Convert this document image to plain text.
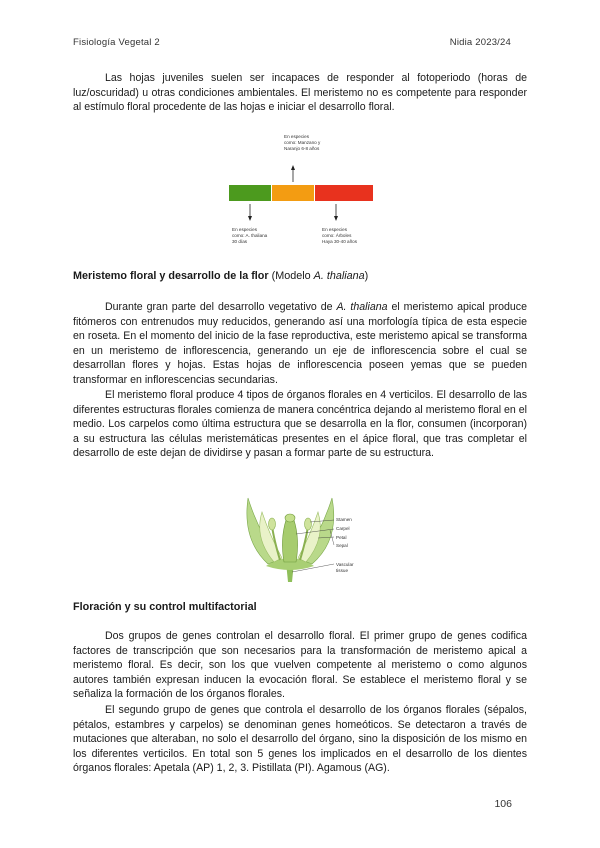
Fisiología Vegetal 2	Nidia 2023/24

Las hojas juveniles suelen ser incapaces de responder al fotoperiodo (horas de luz/oscuridad) u otras condiciones ambientales. El meristemo no es competente para responder al estímulo floral procedente de las hojas e iniciar el desarrollo floral.

En especies
como: Manzano y
Naranjo 6-8 años
En especies
como: A. thaliana
30 días
En especies
como: Árboles
Haya 30-40 años

Meristemo floral y desarrollo de la flor (Modelo A. thaliana)

Durante gran parte del desarrollo vegetativo de A. thaliana el meristemo apical produce fitómeros con entrenudos muy reducidos, generando así una morfología típica de esta especie en roseta. En el momento del inicio de la fase reproductiva, este meristemo apical se transforma en un meristemo de inflorescencia, generando un eje de inflorescencia sobre el cual se desarrollan flores y hojas. Estas hojas de inflorescencia poseen yemas que se pueden transformar en inflorescencias secundarias.

El meristemo floral produce 4 tipos de órganos florales en 4 verticilos. El desarrollo de las diferentes estructuras florales comienza de manera concéntrica dejando al meristemo floral en el medio. Los carpelos como última estructura que se desarrolla en la flor, consumen (incorporan) a su estructura las células meristemáticas presentes en el ápice floral, que tras completar el desarrollo de este dejan de dividirse y pasan a formar parte de su estructura.

Stamen
Carpel
Petal
Sepal
Vascular tissue

Floración y su control multifactorial

Dos grupos de genes controlan el desarrollo floral. El primer grupo de genes codifica factores de transcripción que son necesarios para la transformación de meristemo apical a meristemo floral. Es decir, son los que vuelven competente al meristemo o como algunos autores también expresan inducen la evocación floral. Se establece el meristemo floral y se señaliza la formación de los órganos florales.

El segundo grupo de genes que controla el desarrollo de los órganos florales (sépalos, pétalos, estambres y carpelos) se denominan genes homeóticos. Se detectaron a través de mutaciones que alteraban, no solo el desarrollo del órgano, sino la disposición de los mismo en los diferentes verticilos. En total son 5 genes los implicados en el desarrollo de los dientes órganos florales: Apetala (AP) 1, 2, 3. Pistillata (PI). Agamous (AG).

106
